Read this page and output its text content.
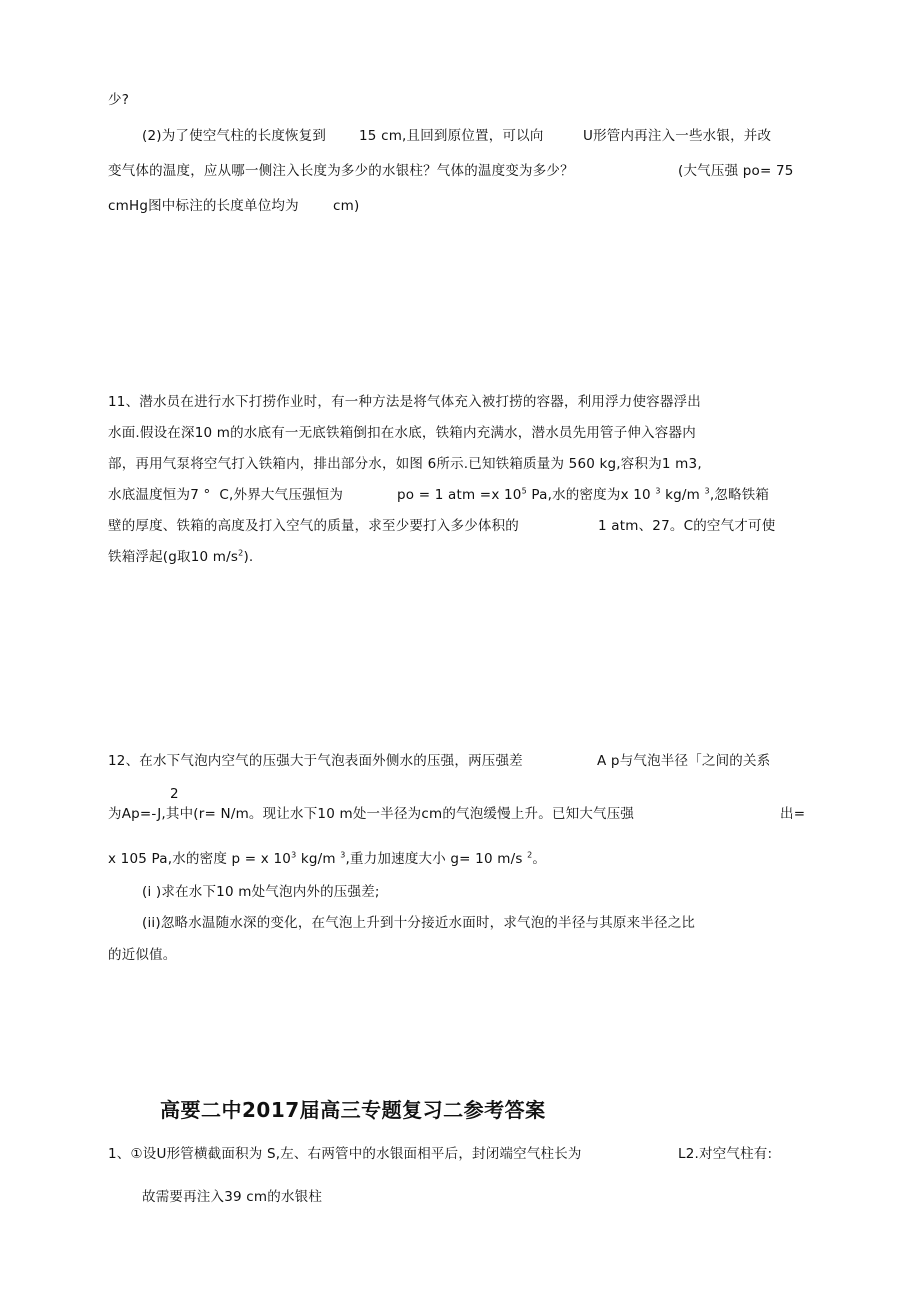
少?
(2)为了使空气柱的长度恢复到 15 cm,且回到原位置，可以向	U形管内再注入一些水银，并改
变气体的温度，应从哪一侧注入长度为多少的水银柱？气体的温度变为多少？	(大气压强 po= 75
cmHg图中标注的长度单位均为	cm)
11、潜水员在进行水下打捞作业时，有一种方法是将气体充入被打捞的容器，利用浮力使容器浮出
水面.假设在深10 m的水底有一无底铁箱倒扣在水底，铁箱内充满水，潜水员先用管子伸入容器内
部，再用气泵将空气打入铁箱内，排出部分水，如图 6所示.已知铁箱质量为 560 kg,容积为1 m3,
水底温度恒为7 °  C,外界大气压强恒为	po = 1 atm =x $10^5$ Pa,水的密度为x 10 $^3$ kg/m $^3$,忽略铁箱
壁的厚度、铁箱的高度及打入空气的质量，求至少要打入多少体积的	1 atm、27。C的空气才可使
铁箱浮起(g取10 $m/s^2$).
12、在水下气泡内空气的压强大于气泡表面外侧水的压强，两压强差	A p与气泡半径「之间的关系
2
为Ap=-J,其中(r= N/m。现让水下10 m处一半径为cm的气泡缓慢上升。已知大气压强	出=
x 105 Pa,水的密度 p = x $10^3$ kg/m $^3$,重力加速度大小 g= 10 m/s $^2$。
(i )求在水下10 m处气泡内外的压强差;
(ii)忽略水温随水深的变化，在气泡上升到十分接近水面时，求气泡的半径与其原来半径之比
的近似值。
高要二中2017届高三专题复习二参考答案
1、①设U形管横截面积为 S,左、右两管中的水银面相平后，封闭端空气柱长为	L2.对空气柱有:
故需要再注入39 cm的水银柱
